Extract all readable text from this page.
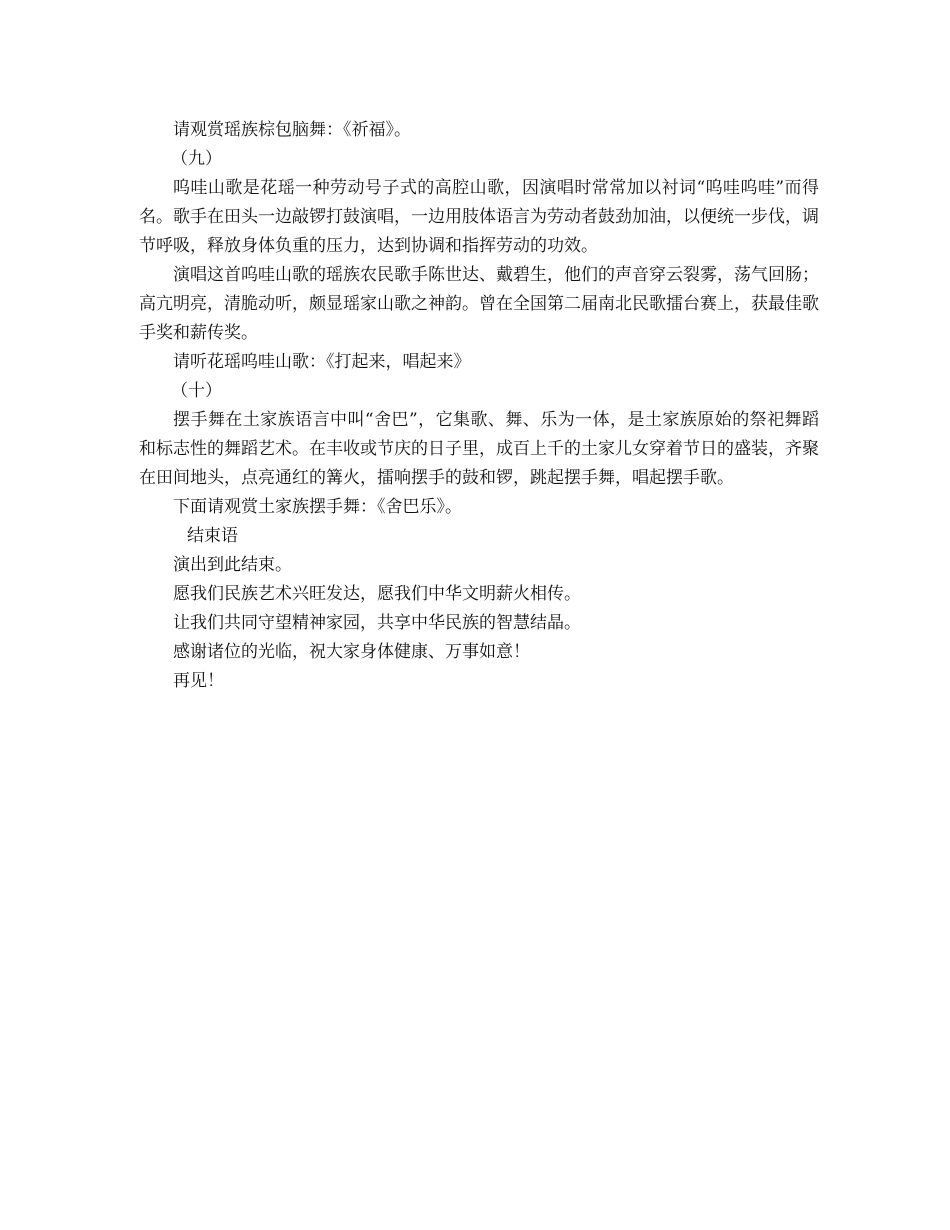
请观赏瑶族棕包脑舞：《祈福》。

（九）

呜哇山歌是花瑶一种劳动号子式的高腔山歌，因演唱时常常加以衬词“呜哇呜哇”而得名。歌手在田头一边敲锣打鼓演唱，一边用肢体语言为劳动者鼓劲加油，以便统一步伐，调节呼吸，释放身体负重的压力，达到协调和指挥劳动的功效。

演唱这首呜哇山歌的瑶族农民歌手陈世达、戴碧生，他们的声音穿云裂雾，荡气回肠；高亢明亮，清脆动听，颇显瑶家山歌之神韵。曾在全国第二届南北民歌擂台赛上，获最佳歌手奖和薪传奖。

请听花瑶呜哇山歌：《打起来，唱起来》

（十）

摆手舞在土家族语言中叫“舍巴”，它集歌、舞、乐为一体，是土家族原始的祭祀舞蹈和标志性的舞蹈艺术。在丰收或节庆的日子里，成百上千的土家儿女穿着节日的盛装，齐聚在田间地头，点亮通红的篝火，擂响摆手的鼓和锣，跳起摆手舞，唱起摆手歌。

下面请观赏土家族摆手舞：《舍巴乐》。

结束语

演出到此结束。

愿我们民族艺术兴旺发达，愿我们中华文明薪火相传。

让我们共同守望精神家园，共享中华民族的智慧结晶。

感谢诸位的光临，祝大家身体健康、万事如意！

再见！
